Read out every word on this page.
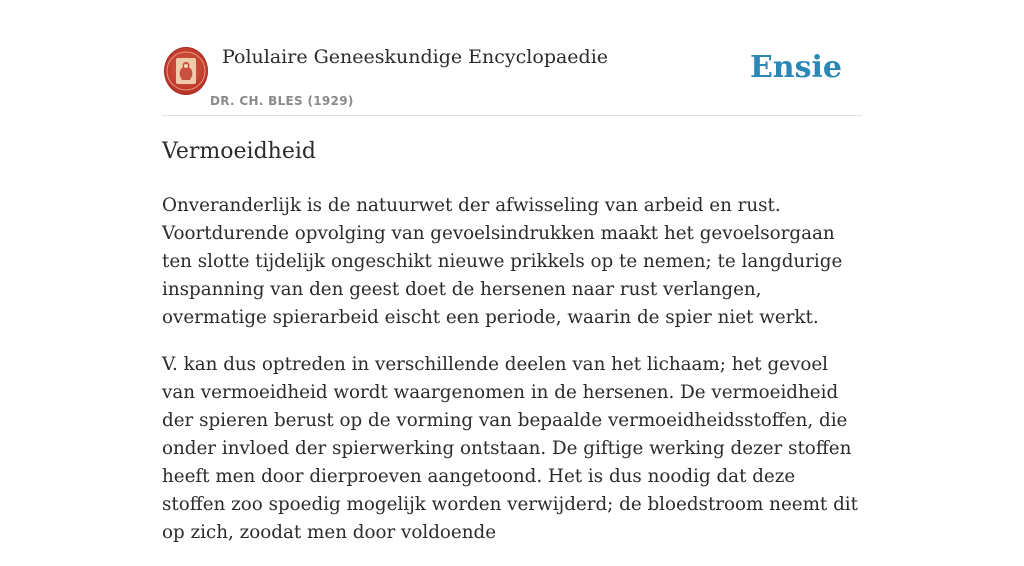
Polulaire Geneeskundige Encyclopaedie
DR. CH. BLES (1929)
Ensie
Vermoeidheid

Onveranderlijk is de natuurwet der afwisseling van arbeid en rust. Voortdurende opvolging van gevoelsindrukken maakt het gevoelsorgaan ten slotte tijdelijk ongeschikt nieuwe prikkels op te nemen; te langdurige inspanning van den geest doet de hersenen naar rust verlangen, overmatige spierarbeid eischt een periode, waarin de spier niet werkt.

V. kan dus optreden in verschillende deelen van het lichaam; het gevoel van vermoeidheid wordt waargenomen in de hersenen. De vermoeidheid der spieren berust op de vorming van bepaalde vermoeidheidsstoffen, die onder invloed der spierwerking ontstaan. De giftige werking dezer stoffen heeft men door dierproeven aangetoond. Het is dus noodig dat deze stoffen zoo spoedig mogelijk worden verwijderd; de bloedstroom neemt dit op zich, zoodat men door voldoende
